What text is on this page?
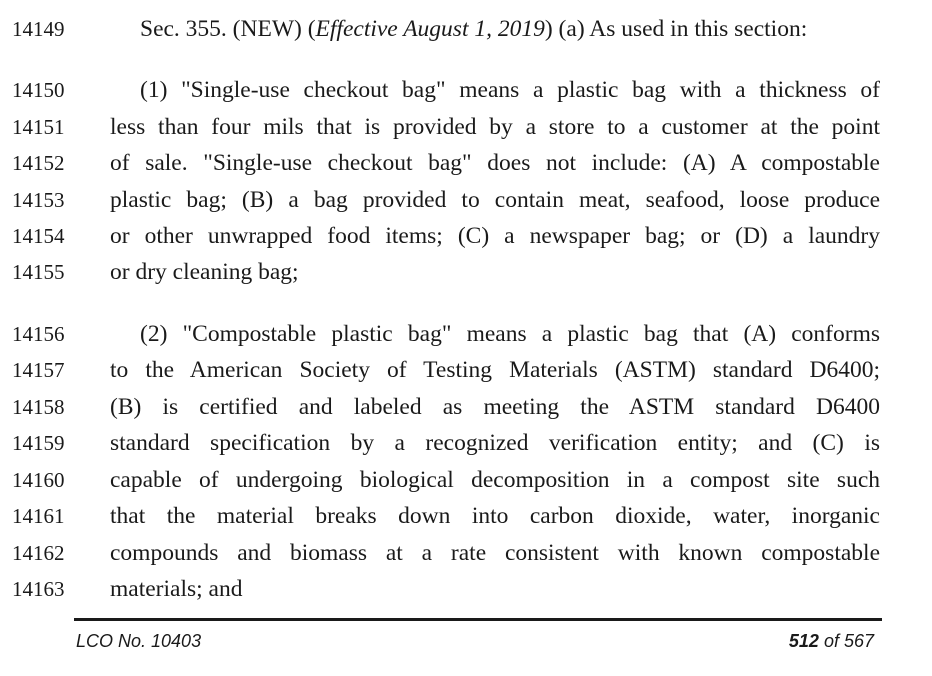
14149	Sec. 355. (NEW) (Effective August 1, 2019) (a) As used in this section:
14150	(1) "Single-use checkout bag" means a plastic bag with a thickness of
14151	less than four mils that is provided by a store to a customer at the point
14152	of sale. "Single-use checkout bag" does not include: (A) A compostable
14153	plastic bag; (B) a bag provided to contain meat, seafood, loose produce
14154	or other unwrapped food items; (C) a newspaper bag; or (D) a laundry
14155	or dry cleaning bag;
14156	(2) "Compostable plastic bag" means a plastic bag that (A) conforms
14157	to the American Society of Testing Materials (ASTM) standard D6400;
14158	(B) is certified and labeled as meeting the ASTM standard D6400
14159	standard specification by a recognized verification entity; and (C) is
14160	capable of undergoing biological decomposition in a compost site such
14161	that the material breaks down into carbon dioxide, water, inorganic
14162	compounds and biomass at a rate consistent with known compostable
14163	materials; and
LCO No. 10403	512 of 567
